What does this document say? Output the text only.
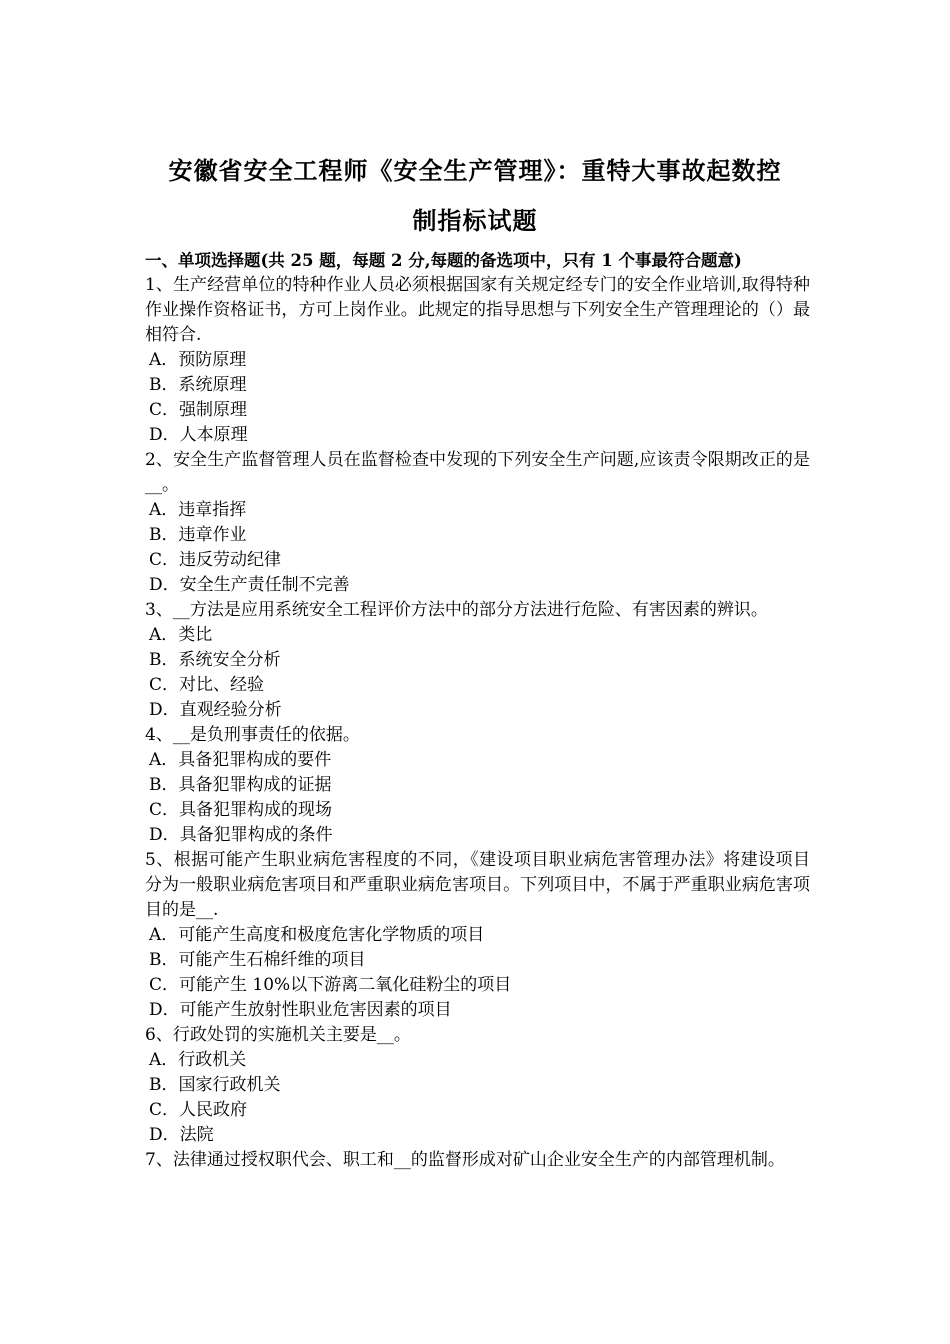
安徽省安全工程师《安全生产管理》：重特大事故起数控
制指标试题
一、单项选择题(共 25 题，每题 2 分,每题的备选项中，只有 1 个事最符合题意)
1、生产经营单位的特种作业人员必须根据国家有关规定经专门的安全作业培训,取得特种作业操作资格证书，方可上岗作业。此规定的指导思想与下列安全生产管理理论的（）最相符合.
A．预防原理
B．系统原理
C．强制原理
D．人本原理
2、安全生产监督管理人员在监督检查中发现的下列安全生产问题,应该责令限期改正的是__。
A．违章指挥
B．违章作业
C．违反劳动纪律
D．安全生产责任制不完善
3、__方法是应用系统安全工程评价方法中的部分方法进行危险、有害因素的辨识。
A．类比
B．系统安全分析
C．对比、经验
D．直观经验分析
4、__是负刑事责任的依据。
A．具备犯罪构成的要件
B．具备犯罪构成的证据
C．具备犯罪构成的现场
D．具备犯罪构成的条件
5、根据可能产生职业病危害程度的不同，《建设项目职业病危害管理办法》将建设项目分为一般职业病危害项目和严重职业病危害项目。下列项目中，不属于严重职业病危害项目的是__.
A．可能产生高度和极度危害化学物质的项目
B．可能产生石棉纤维的项目
C．可能产生 10%以下游离二氧化硅粉尘的项目
D．可能产生放射性职业危害因素的项目
6、行政处罚的实施机关主要是__。
A．行政机关
B．国家行政机关
C．人民政府
D．法院
7、法律通过授权职代会、职工和__的监督形成对矿山企业安全生产的内部管理机制。
